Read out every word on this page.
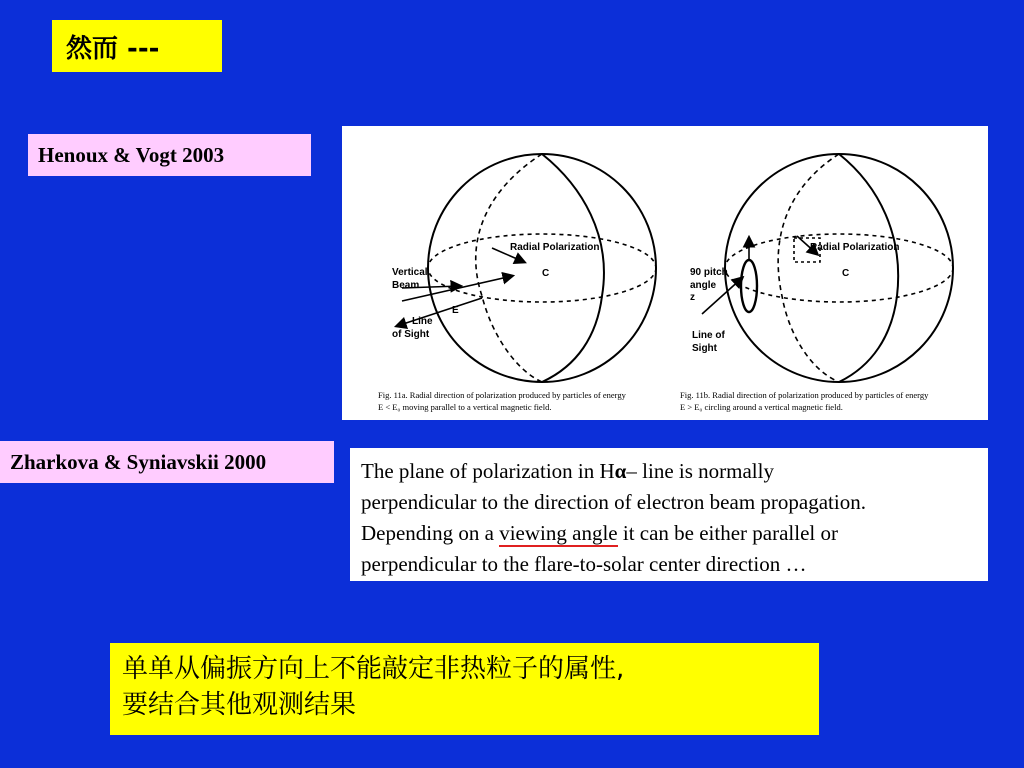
然而 ---
Henoux & Vogt 2003
Radial Polarization
C
Vertical
Beam
E
Line
of Sight
Radial Polarization
C
90 pitch
angle
z
Line of
Sight
Fig. 11a. Radial direction of polarization produced by particles of energy
E < E₀ moving parallel to a vertical magnetic field.
Fig. 11b. Radial direction of polarization produced by particles of energy
E > E₀ circling around a vertical magnetic field.
Zharkova & Syniavskii 2000	The plane of polarization in Hα– line is normally
perpendicular to the direction of electron beam propagation.
Depending on a viewing angle it can be either parallel or
perpendicular to the flare-to-solar center direction …
单单从偏振方向上不能敲定非热粒子的属性,
要结合其他观测结果
